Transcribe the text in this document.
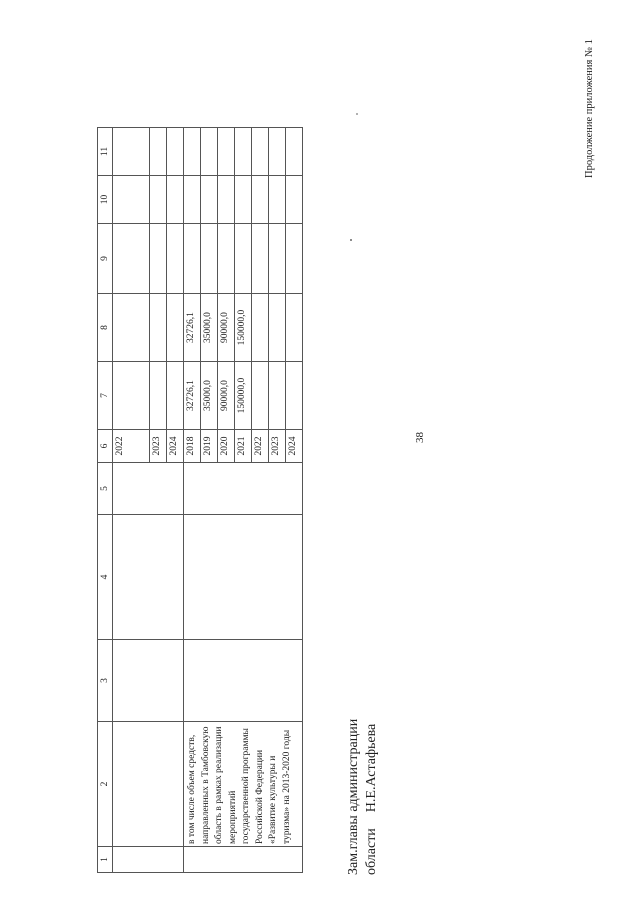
38
Продолжение приложения № 1
1	2	3	4	5	6	7	8	9	10	11
					2022					
					2023					
					2024					
	в том числе объем средств, направленных в Тамбовскую область в рамках реализации мероприятий государственной программы Российской Федерации «Развитие культуры и туризма» на 2013-2020 годы				2018	32726,1	32726,1			
					2019	35000,0	35000,0			
					2020	90000,0	90000,0			
					2021	150000,0	150000,0			
					2022					
					2023					
					2024					
Зам.главы администрации областиН.Е.Астафьева
